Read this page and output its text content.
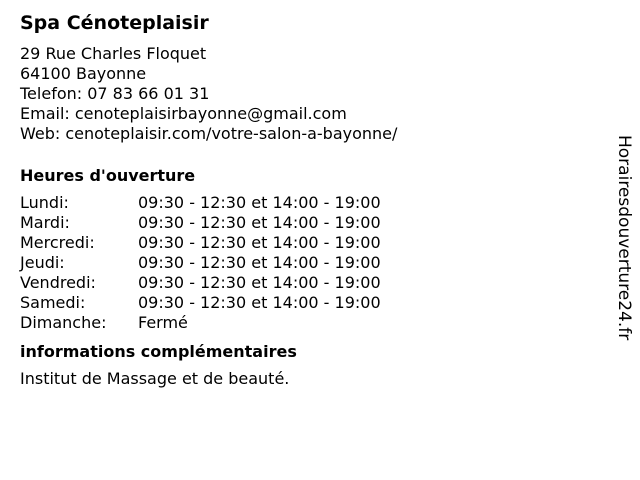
Spa Cénoteplaisir
29 Rue Charles Floquet
64100 Bayonne
Telefon: 07 83 66 01 31
Email: cenoteplaisirbayonne@gmail.com
Web: cenoteplaisir.com/votre-salon-a-bayonne/
Heures d'ouverture
Lundi:	09:30 - 12:30 et 14:00 - 19:00
Mardi:	09:30 - 12:30 et 14:00 - 19:00
Mercredi:	09:30 - 12:30 et 14:00 - 19:00
Jeudi:	09:30 - 12:30 et 14:00 - 19:00
Vendredi:	09:30 - 12:30 et 14:00 - 19:00
Samedi:	09:30 - 12:30 et 14:00 - 19:00
Dimanche:	Fermé
informations complémentaires
Institut de Massage et de beauté.
Horairesdouverture24.fr
